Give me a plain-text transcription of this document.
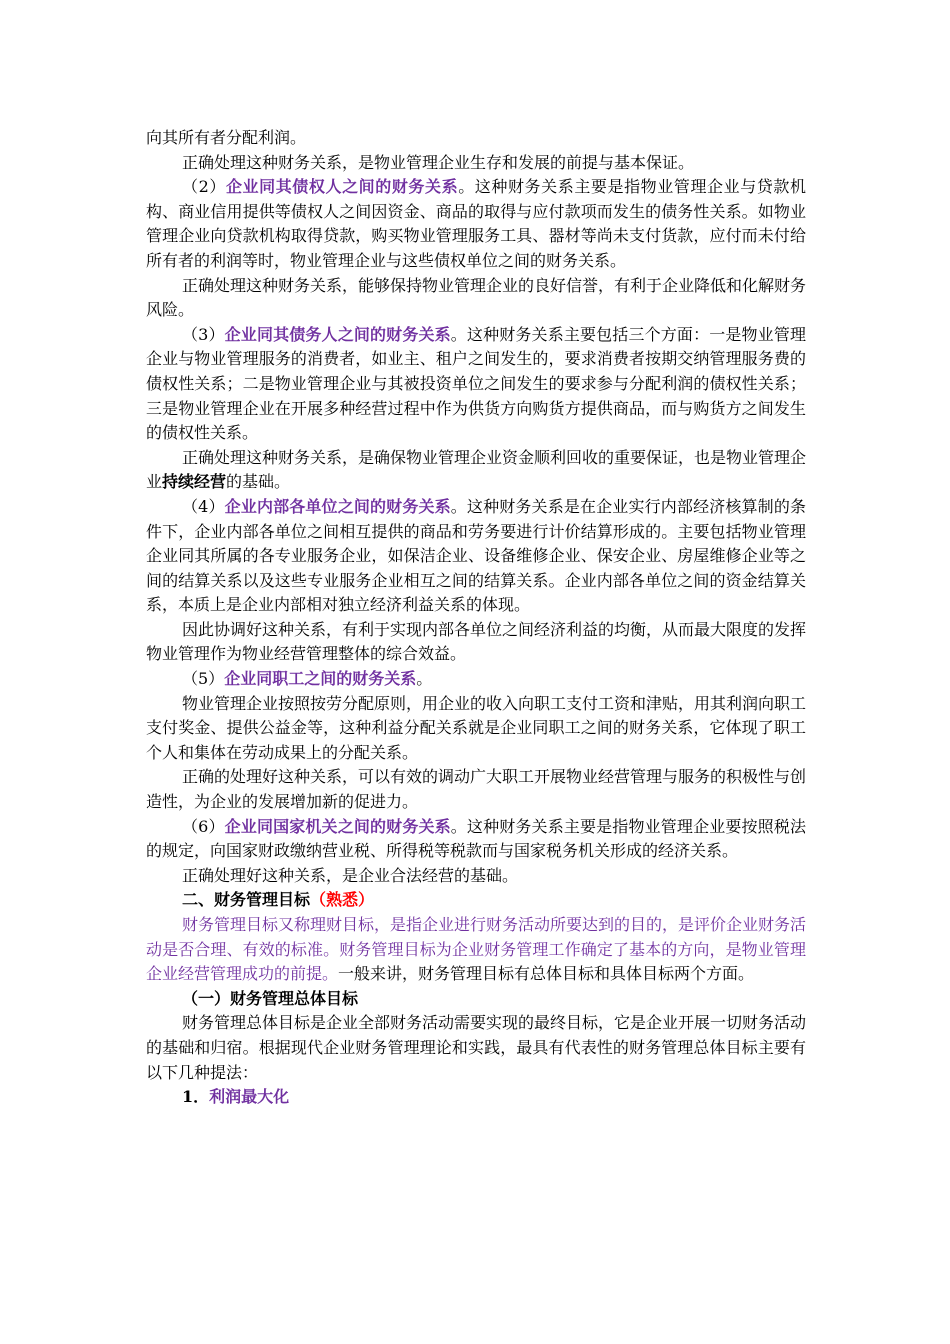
向其所有者分配利润。

正确处理这种财务关系，是物业管理企业生存和发展的前提与基本保证。

（2）企业同其债权人之间的财务关系。这种财务关系主要是指物业管理企业与贷款机构、商业信用提供等债权人之间因资金、商品的取得与应付款项而发生的债务性关系。如物业管理企业向贷款机构取得贷款，购买物业管理服务工具、器材等尚未支付货款，应付而未付给所有者的利润等时，物业管理企业与这些债权单位之间的财务关系。

正确处理这种财务关系，能够保持物业管理企业的良好信誉，有利于企业降低和化解财务风险。

（3）企业同其债务人之间的财务关系。这种财务关系主要包括三个方面：一是物业管理企业与物业管理服务的消费者，如业主、租户之间发生的，要求消费者按期交纳管理服务费的债权性关系；二是物业管理企业与其被投资单位之间发生的要求参与分配利润的债权性关系；三是物业管理企业在开展多种经营过程中作为供货方向购货方提供商品，而与购货方之间发生的债权性关系。

正确处理这种财务关系，是确保物业管理企业资金顺利回收的重要保证，也是物业管理企业持续经营的基础。

（4）企业内部各单位之间的财务关系。这种财务关系是在企业实行内部经济核算制的条件下，企业内部各单位之间相互提供的商品和劳务要进行计价结算形成的。主要包括物业管理企业同其所属的各专业服务企业，如保洁企业、设备维修企业、保安企业、房屋维修企业等之间的结算关系以及这些专业服务企业相互之间的结算关系。企业内部各单位之间的资金结算关系，本质上是企业内部相对独立经济利益关系的体现。

因此协调好这种关系，有利于实现内部各单位之间经济利益的均衡，从而最大限度的发挥物业管理作为物业经营管理整体的综合效益。

（5）企业同职工之间的财务关系。

物业管理企业按照按劳分配原则，用企业的收入向职工支付工资和津贴，用其利润向职工支付奖金、提供公益金等，这种利益分配关系就是企业同职工之间的财务关系，它体现了职工个人和集体在劳动成果上的分配关系。

正确的处理好这种关系，可以有效的调动广大职工开展物业经营管理与服务的积极性与创造性，为企业的发展增加新的促进力。

（6）企业同国家机关之间的财务关系。这种财务关系主要是指物业管理企业要按照税法的规定，向国家财政缴纳营业税、所得税等税款而与国家税务机关形成的经济关系。

正确处理好这种关系，是企业合法经营的基础。

二、财务管理目标（熟悉）

财务管理目标又称理财目标，是指企业进行财务活动所要达到的目的，是评价企业财务活动是否合理、有效的标准。财务管理目标为企业财务管理工作确定了基本的方向，是物业管理企业经营管理成功的前提。一般来讲，财务管理目标有总体目标和具体目标两个方面。

（一）财务管理总体目标

财务管理总体目标是企业全部财务活动需要实现的最终目标，它是企业开展一切财务活动的基础和归宿。根据现代企业财务管理理论和实践，最具有代表性的财务管理总体目标主要有以下几种提法：

1．利润最大化
